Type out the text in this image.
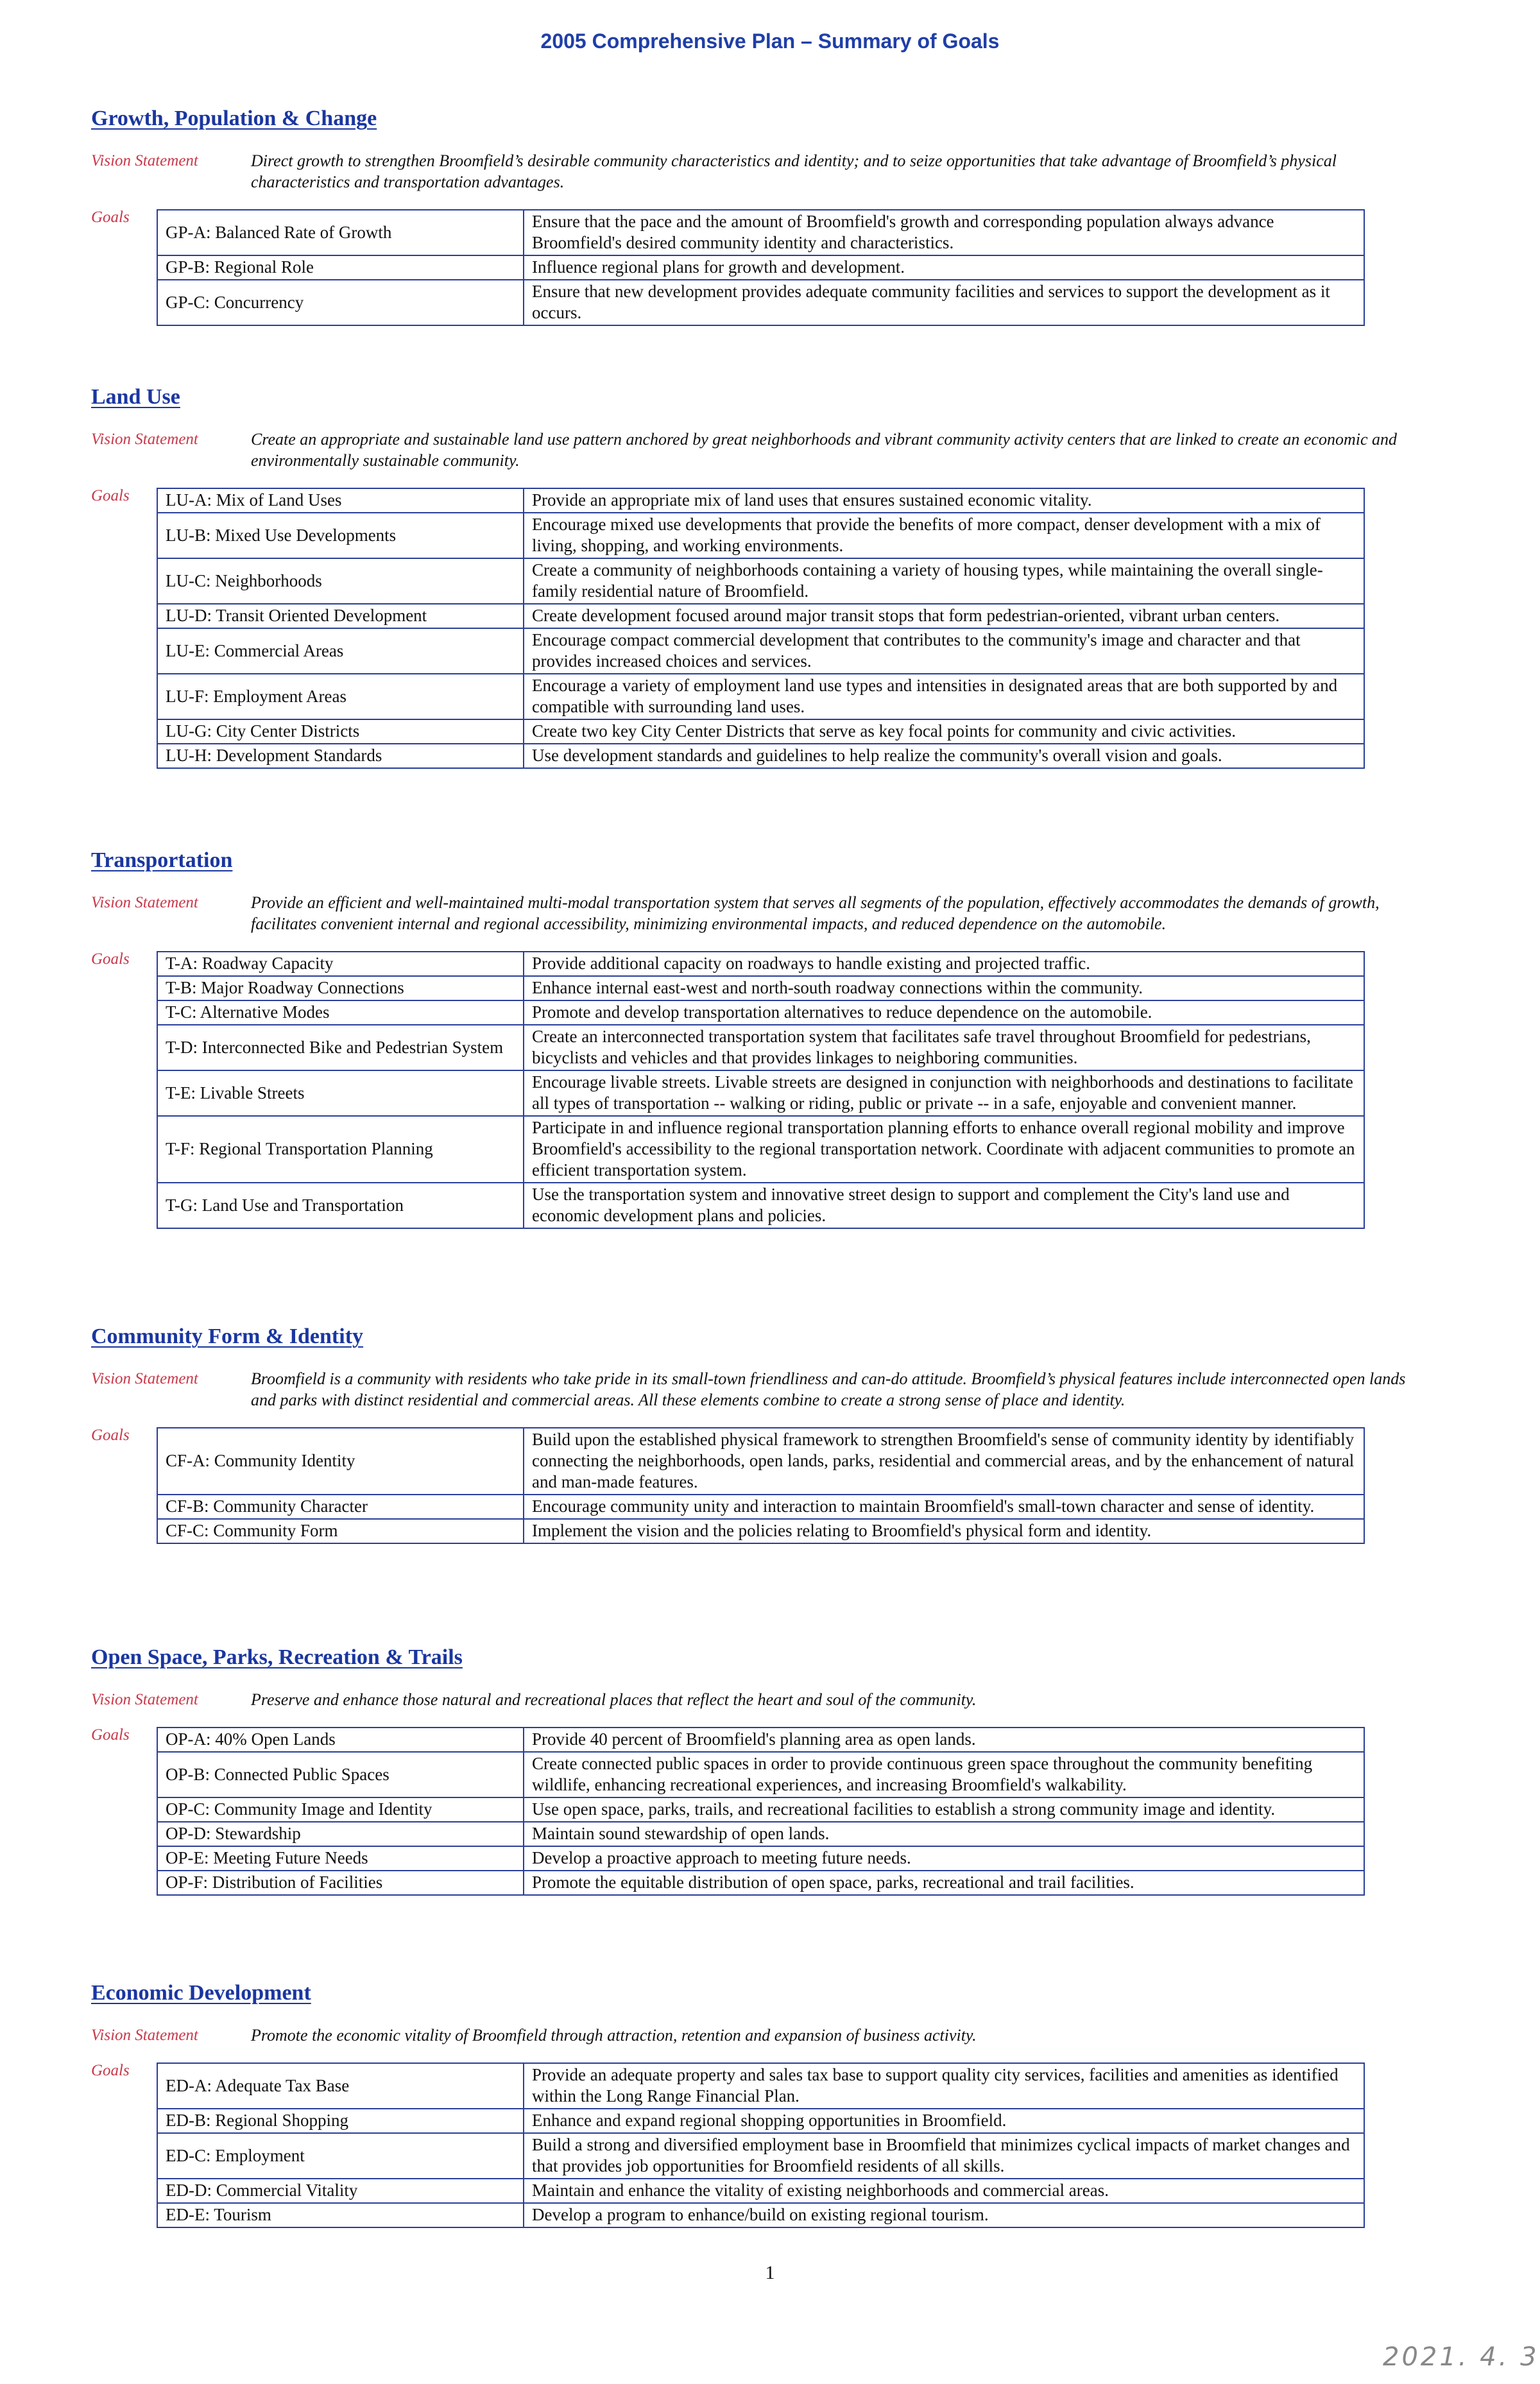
2005 Comprehensive Plan – Summary of Goals
Growth, Population & Change
Vision Statement	Direct growth to strengthen Broomfield’s desirable community characteristics and identity; and to seize opportunities that take advantage of Broomfield’s physical characteristics and transportation advantages.
Goals
GP-A: Balanced Rate of Growth	Ensure that the pace and the amount of Broomfield's growth and corresponding population always advance Broomfield's desired community identity and characteristics.
GP-B: Regional Role	Influence regional plans for growth and development.
GP-C: Concurrency	Ensure that new development provides adequate community facilities and services to support the development as it occurs.
Land Use
Vision Statement	Create an appropriate and sustainable land use pattern anchored by great neighborhoods and vibrant community activity centers that are linked to create an economic and environmentally sustainable community.
Goals	LU-A: Mix of Land Uses	Provide an appropriate mix of land uses that ensures sustained economic vitality.
LU-B: Mixed Use Developments	Encourage mixed use developments that provide the benefits of more compact, denser development with a mix of living, shopping, and working environments.
LU-C: Neighborhoods	Create a community of neighborhoods containing a variety of housing types, while maintaining the overall single-family residential nature of Broomfield.
LU-D: Transit Oriented Development	Create development focused around major transit stops that form pedestrian-oriented, vibrant urban centers.
LU-E: Commercial Areas	Encourage compact commercial development that contributes to the community's image and character and that provides increased choices and services.
LU-F: Employment Areas	Encourage a variety of employment land use types and intensities in designated areas that are both supported by and compatible with surrounding land uses.
LU-G: City Center Districts	Create two key City Center Districts that serve as key focal points for community and civic activities.
LU-H: Development Standards	Use development standards and guidelines to help realize the community's overall vision and goals.
Transportation
Vision Statement	Provide an efficient and well-maintained multi-modal transportation system that serves all segments of the population, effectively accommodates the demands of growth, facilitates convenient internal and regional accessibility, minimizing environmental impacts, and reduced dependence on the automobile.
Goals	T-A: Roadway Capacity	Provide additional capacity on roadways to handle existing and projected traffic.
T-B: Major Roadway Connections	Enhance internal east-west and north-south roadway connections within the community.
T-C: Alternative Modes	Promote and develop transportation alternatives to reduce dependence on the automobile.
T-D: Interconnected Bike and Pedestrian System	Create an interconnected transportation system that facilitates safe travel throughout Broomfield for pedestrians, bicyclists and vehicles and that provides linkages to neighboring communities.
T-E: Livable Streets	Encourage livable streets. Livable streets are designed in conjunction with neighborhoods and destinations to facilitate all types of transportation -- walking or riding, public or private -- in a safe, enjoyable and convenient manner.
T-F: Regional Transportation Planning	Participate in and influence regional transportation planning efforts to enhance overall regional mobility and improve Broomfield's accessibility to the regional transportation network. Coordinate with adjacent communities to promote an efficient transportation system.
T-G: Land Use and Transportation	Use the transportation system and innovative street design to support and complement the City's land use and economic development plans and policies.
Community Form & Identity
Vision Statement	Broomfield is a community with residents who take pride in its small-town friendliness and can-do attitude. Broomfield’s physical features include interconnected open lands and parks with distinct residential and commercial areas. All these elements combine to create a strong sense of place and identity.
Goals
CF-A: Community Identity	Build upon the established physical framework to strengthen Broomfield's sense of community identity by identifiably connecting the neighborhoods, open lands, parks, residential and commercial areas, and by the enhancement of natural and man-made features.
CF-B: Community Character	Encourage community unity and interaction to maintain Broomfield's small-town character and sense of identity.
CF-C: Community Form	Implement the vision and the policies relating to Broomfield's physical form and identity.
Open Space, Parks, Recreation & Trails
Vision Statement	Preserve and enhance those natural and recreational places that reflect the heart and soul of the community.
Goals	OP-A: 40% Open Lands	Provide 40 percent of Broomfield's planning area as open lands.
OP-B: Connected Public Spaces	Create connected public spaces in order to provide continuous green space throughout the community benefiting wildlife, enhancing recreational experiences, and increasing Broomfield's walkability.
OP-C: Community Image and Identity	Use open space, parks, trails, and recreational facilities to establish a strong community image and identity.
OP-D: Stewardship	Maintain sound stewardship of open lands.
OP-E: Meeting Future Needs	Develop a proactive approach to meeting future needs.
OP-F: Distribution of Facilities	Promote the equitable distribution of open space, parks, recreational and trail facilities.
Economic Development
Vision Statement	Promote the economic vitality of Broomfield through attraction, retention and expansion of business activity.
Goals
ED-A: Adequate Tax Base	Provide an adequate property and sales tax base to support quality city services, facilities and amenities as identified within the Long Range Financial Plan.
ED-B: Regional Shopping	Enhance and expand regional shopping opportunities in Broomfield.
ED-C: Employment	Build a strong and diversified employment base in Broomfield that minimizes cyclical impacts of market changes and that provides job opportunities for Broomfield residents of all skills.
ED-D: Commercial Vitality	Maintain and enhance the vitality of existing neighborhoods and commercial areas.
ED-E: Tourism	Develop a program to enhance/build on existing regional tourism.
1
2021. 4. 3
